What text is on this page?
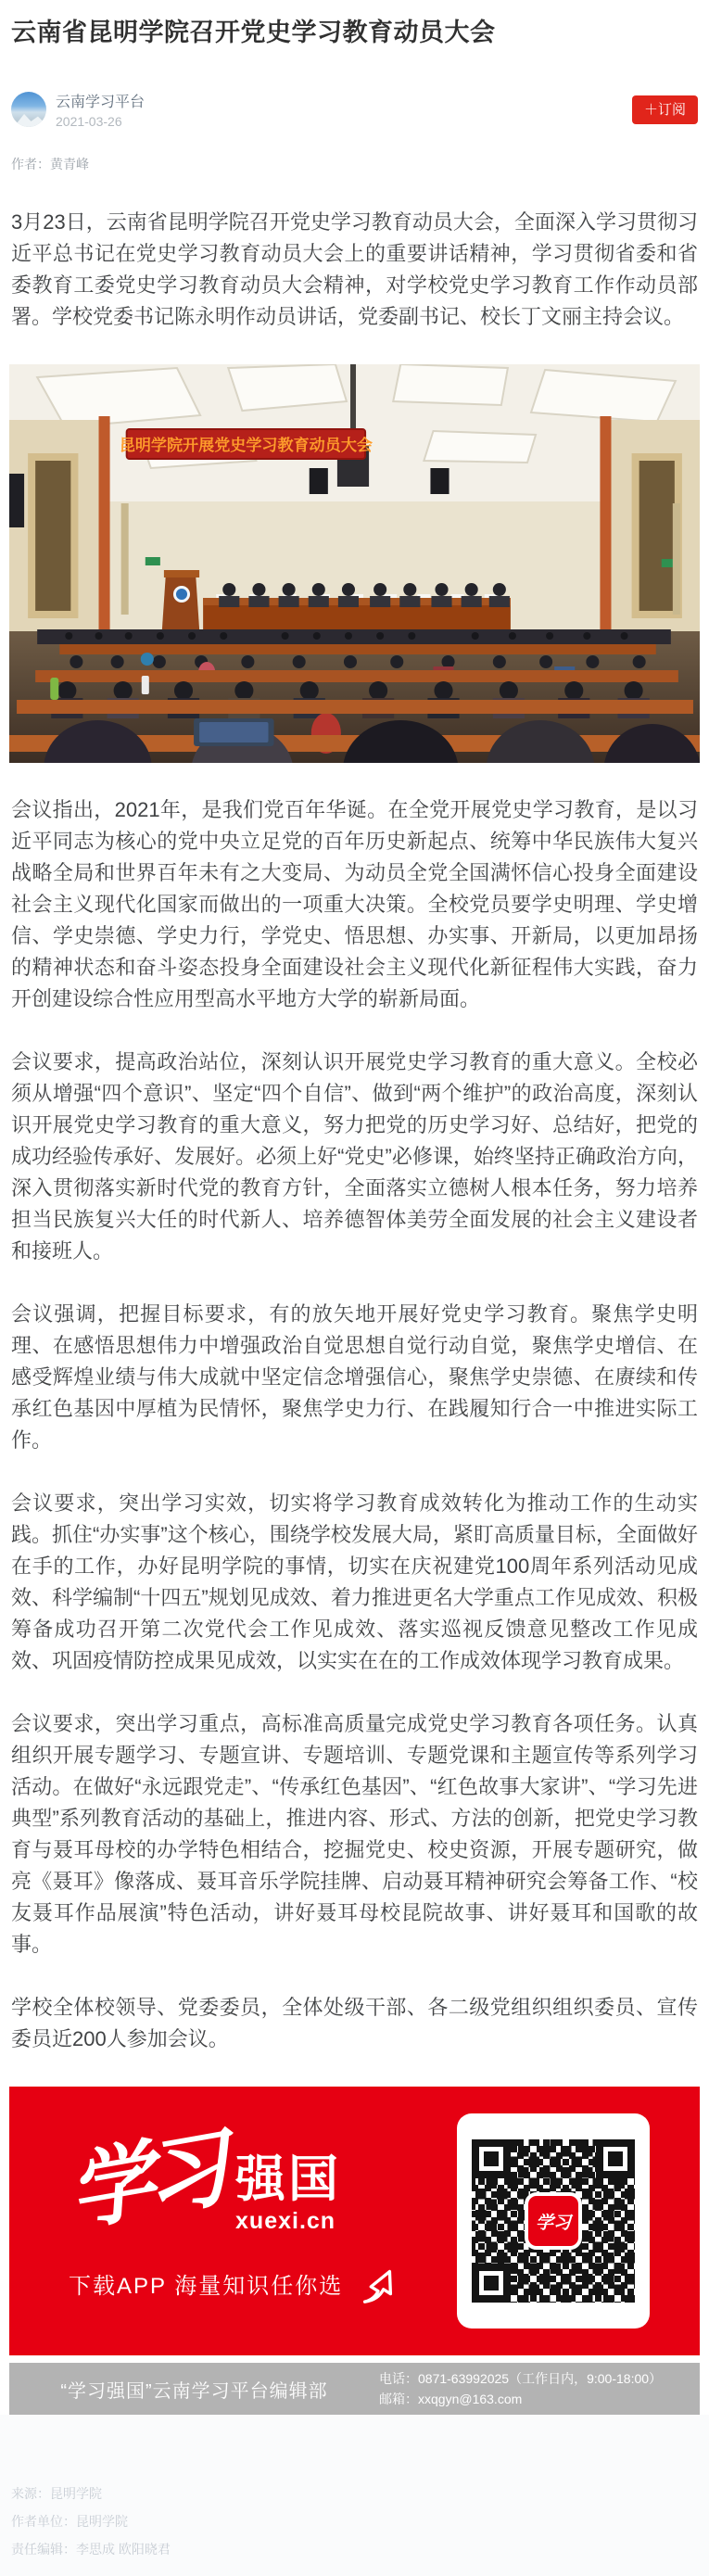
云南省昆明学院召开党史学习教育动员大会
云南学习平台
2021-03-26
＋订阅
作者：黄青峰

3月23日，云南省昆明学院召开党史学习教育动员大会，全面深入学习贯彻习近平总书记在党史学习教育动员大会上的重要讲话精神，学习贯彻省委和省委教育工委党史学习教育动员大会精神，对学校党史学习教育工作作动员部署。学校党委书记陈永明作动员讲话，党委副书记、校长丁文丽主持会议。

昆明学院开展党史学习教育动员大会

会议指出，2021年，是我们党百年华诞。在全党开展党史学习教育，是以习近平同志为核心的党中央立足党的百年历史新起点、统筹中华民族伟大复兴战略全局和世界百年未有之大变局、为动员全党全国满怀信心投身全面建设社会主义现代化国家而做出的一项重大决策。全校党员要学史明理、学史增信、学史崇德、学史力行，学党史、悟思想、办实事、开新局，以更加昂扬的精神状态和奋斗姿态投身全面建设社会主义现代化新征程伟大实践，奋力开创建设综合性应用型高水平地方大学的崭新局面。

会议要求，提高政治站位，深刻认识开展党史学习教育的重大意义。全校必须从增强“四个意识”、坚定“四个自信”、做到“两个维护”的政治高度，深刻认识开展党史学习教育的重大意义，努力把党的历史学习好、总结好，把党的成功经验传承好、发展好。必须上好“党史”必修课，始终坚持正确政治方向，深入贯彻落实新时代党的教育方针，全面落实立德树人根本任务，努力培养担当民族复兴大任的时代新人、培养德智体美劳全面发展的社会主义建设者和接班人。

会议强调，把握目标要求，有的放矢地开展好党史学习教育。聚焦学史明理、在感悟思想伟力中增强政治自觉思想自觉行动自觉，聚焦学史增信、在感受辉煌业绩与伟大成就中坚定信念增强信心，聚焦学史崇德、在赓续和传承红色基因中厚植为民情怀，聚焦学史力行、在践履知行合一中推进实际工作。

会议要求，突出学习实效，切实将学习教育成效转化为推动工作的生动实践。抓住“办实事”这个核心，围绕学校发展大局，紧盯高质量目标，全面做好在手的工作，办好昆明学院的事情，切实在庆祝建党100周年系列活动见成效、科学编制“十四五”规划见成效、着力推进更名大学重点工作见成效、积极筹备成功召开第二次党代会工作见成效、落实巡视反馈意见整改工作见成效、巩固疫情防控成果见成效，以实实在在的工作成效体现学习教育成果。

会议要求，突出学习重点，高标准高质量完成党史学习教育各项任务。认真组织开展专题学习、专题宣讲、专题培训、专题党课和主题宣传等系列学习活动。在做好“永远跟党走”、“传承红色基因”、“红色故事大家讲”、“学习先进典型”系列教育活动的基础上，推进内容、形式、方法的创新，把党史学习教育与聂耳母校的办学特色相结合，挖掘党史、校史资源，开展专题研究，做亮《聂耳》像落成、聂耳音乐学院挂牌、启动聂耳精神研究会筹备工作、“校友聂耳作品展演”特色活动，讲好聂耳母校昆院故事、讲好聂耳和国歌的故事。

学校全体校领导、党委委员，全体处级干部、各二级党组织组织委员、宣传委员近200人参加会议。

学习 强国
xuexi.cn
下载APP 海量知识任你选
学习
“学习强国”云南学习平台编辑部
电话：0871-63992025（工作日内，9:00-18:00）
邮箱：xxqgyn@163.com
来源：昆明学院
作者单位：昆明学院
责任编辑：李思成 欧阳晓君
